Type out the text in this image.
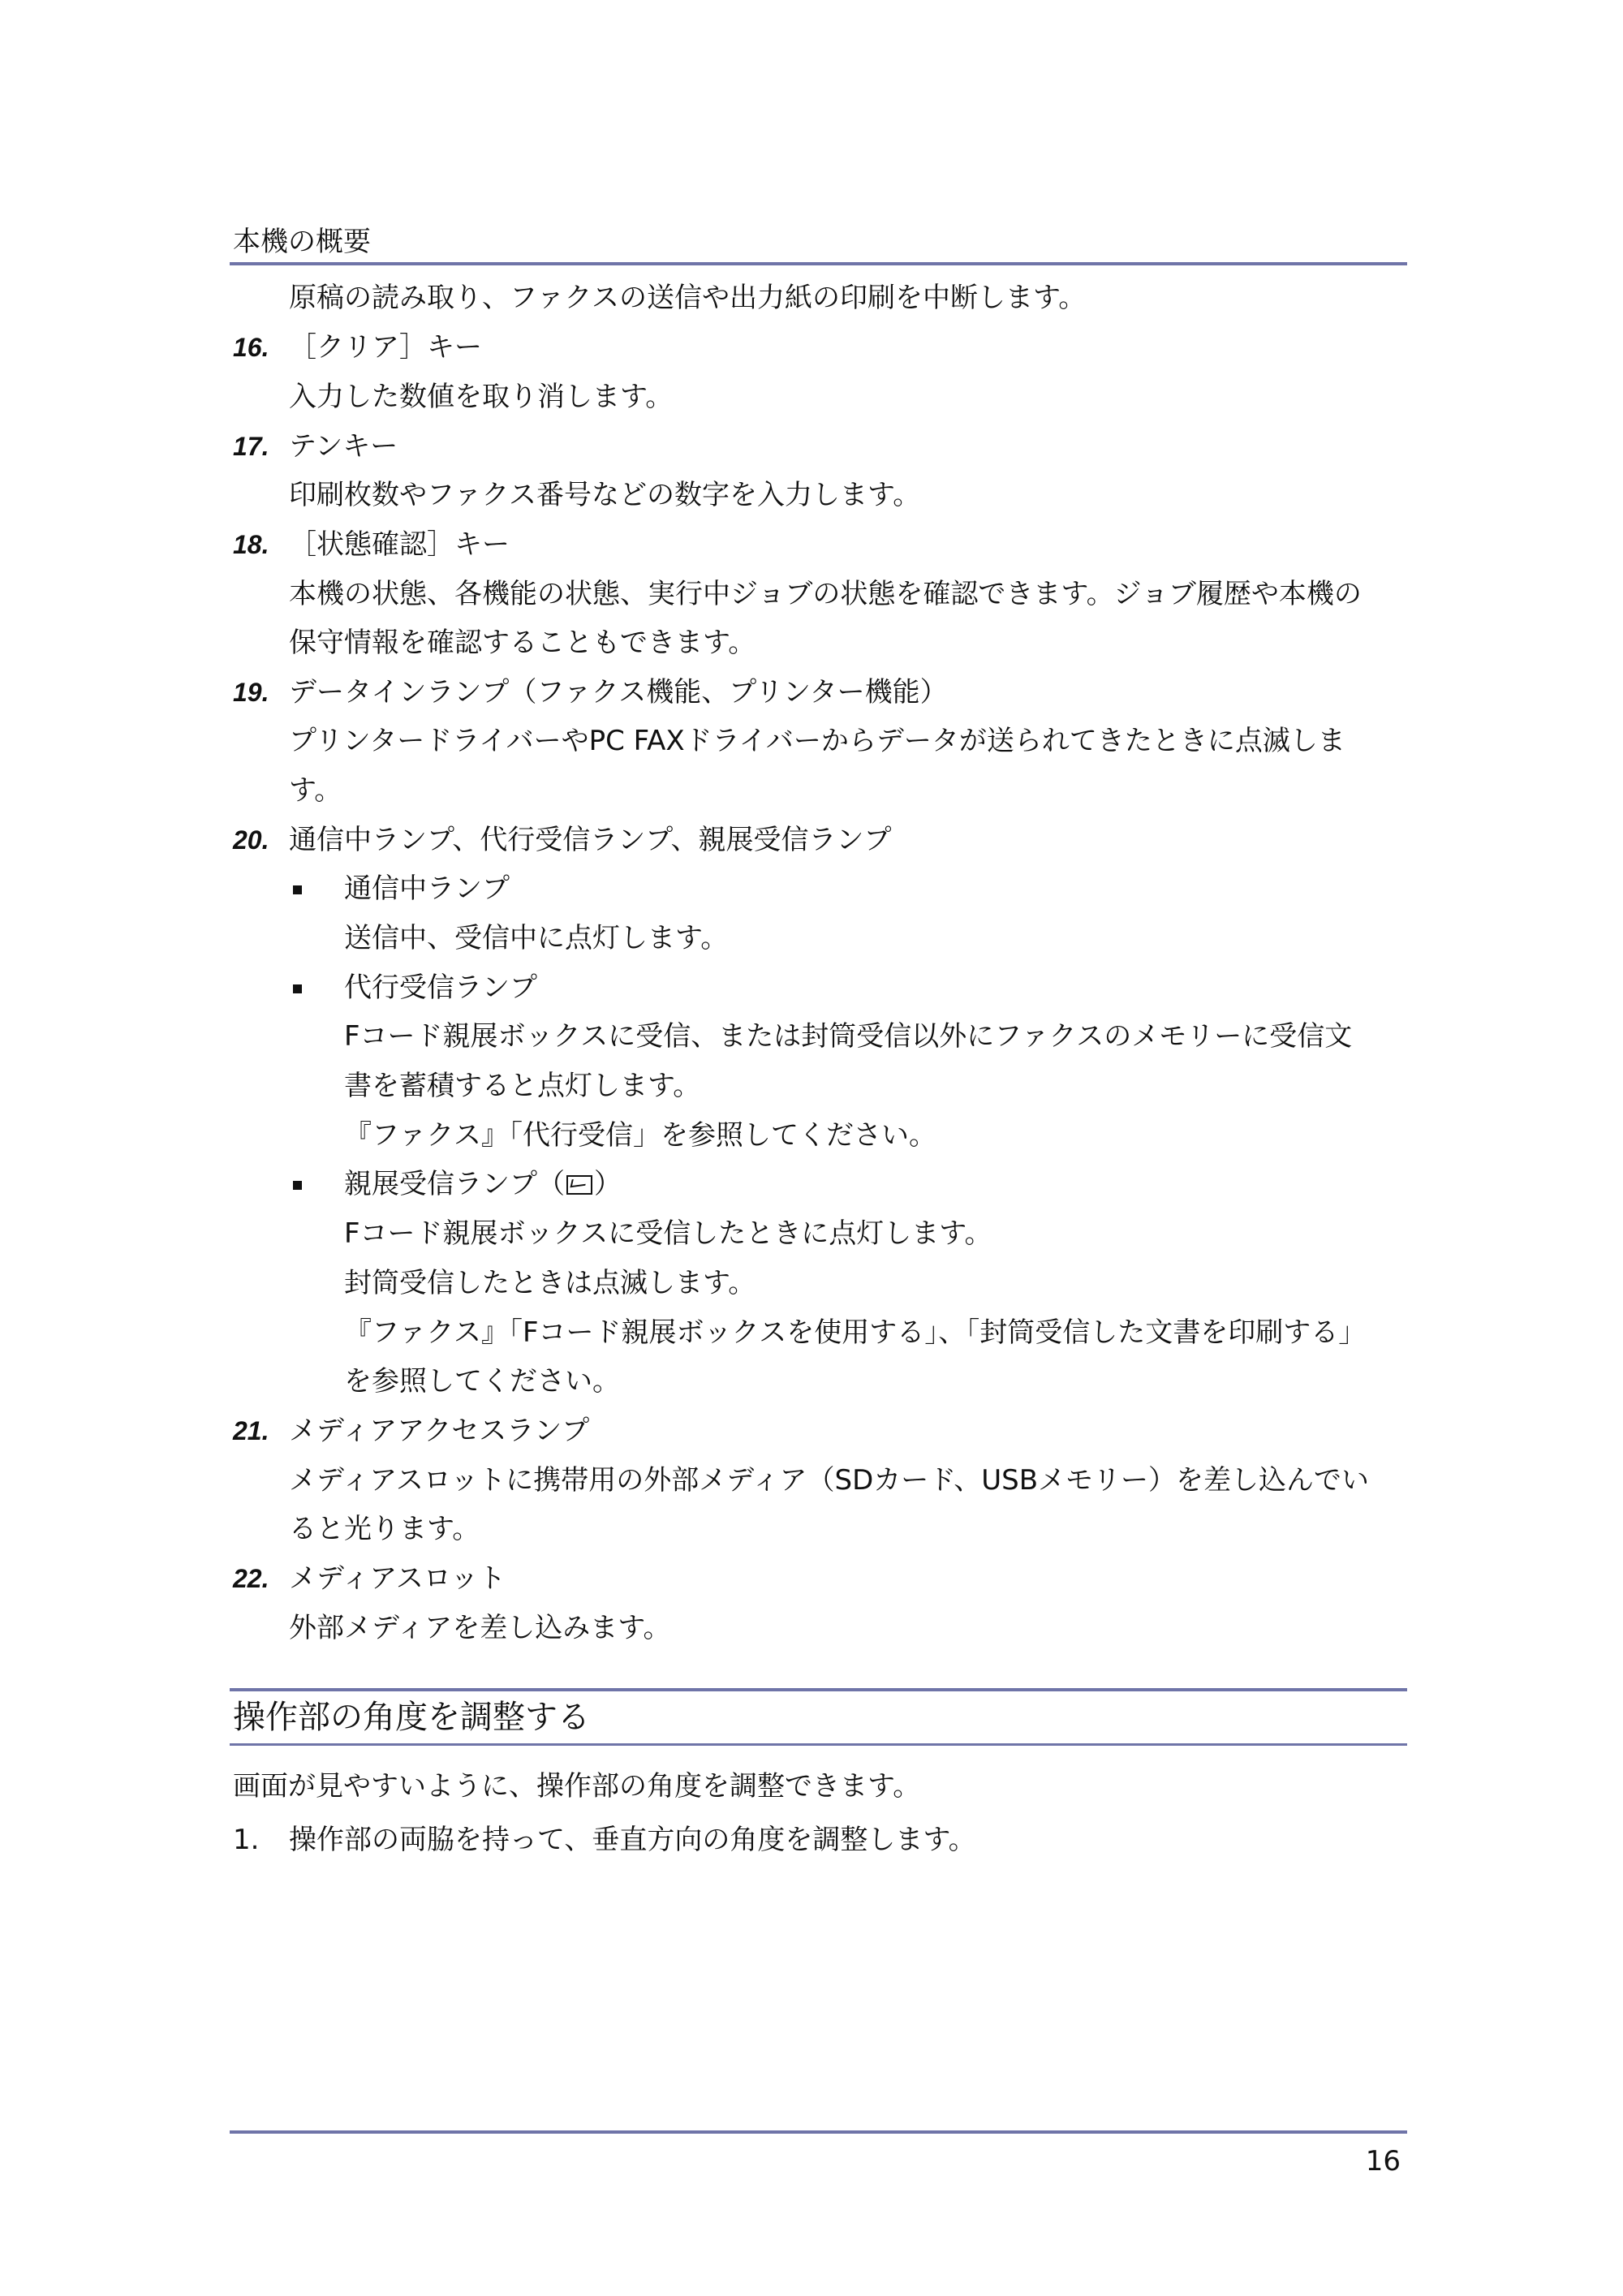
本機の概要
原稿の読み取り、ファクスの送信や出力紙の印刷を中断します。
16. ［クリア］キー
入力した数値を取り消します。
17. テンキー
印刷枚数やファクス番号などの数字を入力します。
18. ［状態確認］キー
本機の状態、各機能の状態、実行中ジョブの状態を確認できます。ジョブ履歴や本機の
保守情報を確認することもできます。
19. データインランプ（ファクス機能、プリンター機能）
プリンタードライバーやPC FAXドライバーからデータが送られてきたときに点滅しま
す。
20. 通信中ランプ、代行受信ランプ、親展受信ランプ
通信中ランプ
送信中、受信中に点灯します。
代行受信ランプ
Fコード親展ボックスに受信、または封筒受信以外にファクスのメモリーに受信文
書を蓄積すると点灯します。
『ファクス』「代行受信」を参照してください。
親展受信ランプ（ ）
Fコード親展ボックスに受信したときに点灯します。
封筒受信したときは点滅します。
『ファクス』「Fコード親展ボックスを使用する」、「封筒受信した文書を印刷する」
を参照してください。
21. メディアアクセスランプ
メディアスロットに携帯用の外部メディア（SDカード、USBメモリー）を差し込んでい
ると光ります。
22. メディアスロット
外部メディアを差し込みます。
操作部の角度を調整する
画面が見やすいように、操作部の角度を調整できます。
1. 操作部の両脇を持って、垂直方向の角度を調整します。
16
